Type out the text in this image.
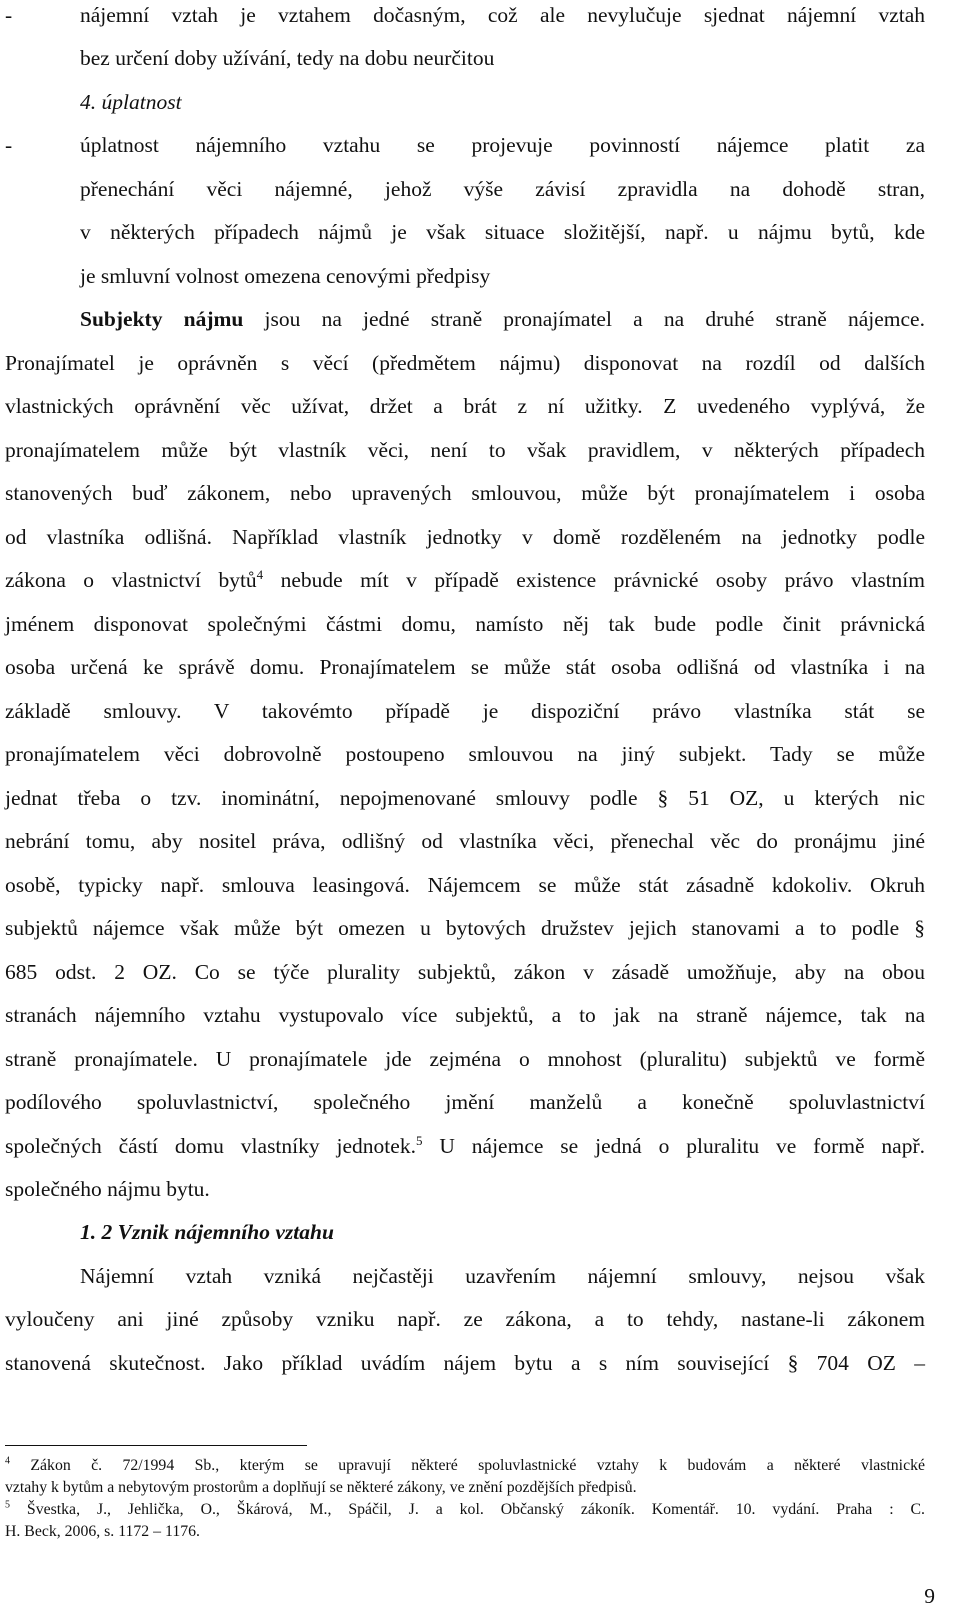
-	nájemní vztah je vztahem dočasným, což ale nevylučuje sjednat nájemní vztah
bez určení doby užívání, tedy na dobu neurčitou
4. úplatnost
-	úplatnost nájemního vztahu se projevuje povinností nájemce platit za
přenechání věci nájemné, jehož výše závisí zpravidla na dohodě stran,
v některých případech nájmů je však situace složitější, např. u nájmu bytů, kde
je smluvní volnost omezena cenovými předpisy
Subjekty nájmu jsou na jedné straně pronajímatel a na druhé straně nájemce.
Pronajímatel je oprávněn s věcí (předmětem nájmu) disponovat na rozdíl od dalších
vlastnických oprávnění věc užívat, držet a brát z ní užitky. Z uvedeného vyplývá, že
pronajímatelem může být vlastník věci, není to však pravidlem, v některých případech
stanovených buď zákonem, nebo upravených smlouvou, může být pronajímatelem i osoba
od vlastníka odlišná. Například vlastník jednotky v domě rozděleném na jednotky podle
zákona o vlastnictví bytů$^4$ nebude mít v případě existence právnické osoby právo vlastním
jménem disponovat společnými částmi domu, namísto něj tak bude podle činit právnická
osoba určená ke správě domu. Pronajímatelem se může stát osoba odlišná od vlastníka i na
základě smlouvy. V takovémto případě je dispoziční právo vlastníka stát se
pronajímatelem věci dobrovolně postoupeno smlouvou na jiný subjekt. Tady se může
jednat třeba o tzv. inominátní, nepojmenované smlouvy podle § 51 OZ, u kterých nic
nebrání tomu, aby nositel práva, odlišný od vlastníka věci, přenechal věc do pronájmu jiné
osobě, typicky např. smlouva leasingová. Nájemcem se může stát zásadně kdokoliv. Okruh
subjektů nájemce však může být omezen u bytových družstev jejich stanovami a to podle §
685 odst. 2 OZ. Co se týče plurality subjektů, zákon v zásadě umožňuje, aby na obou
stranách nájemního vztahu vystupovalo více subjektů, a to jak na straně nájemce, tak na
straně pronajímatele. U pronajímatele jde zejména o mnohost (pluralitu) subjektů ve formě
podílového spoluvlastnictví, společného jmění manželů a konečně spoluvlastnictví
společných částí domu vlastníky jednotek.$^5$ U nájemce se jedná o pluralitu ve formě např.
společného nájmu bytu.
1. 2 Vznik nájemního vztahu
Nájemní vztah vzniká nejčastěji uzavřením nájemní smlouvy, nejsou však
vyloučeny ani jiné způsoby vzniku např. ze zákona, a to tehdy, nastane-li zákonem
stanovená skutečnost. Jako příklad uvádím nájem bytu a s ním související § 704 OZ –
$^4$ Zákon č. 72/1994 Sb., kterým se upravují některé spoluvlastnické vztahy k budovám a některé vlastnické
vztahy k bytům a nebytovým prostorům a doplňují se některé zákony, ve znění pozdějších předpisů.
$^5$ Švestka, J., Jehlička, O., Škárová, M., Spáčil, J. a kol. Občanský zákoník. Komentář. 10. vydání. Praha : C.
H. Beck, 2006, s. 1172 – 1176.
9
